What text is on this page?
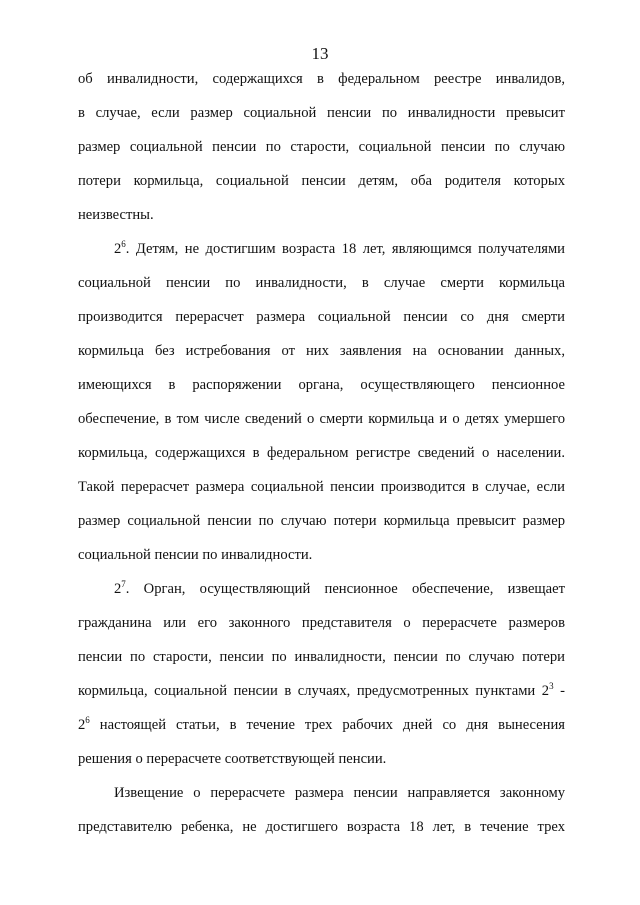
13
об инвалидности, содержащихся в федеральном реестре инвалидов,
в случае, если размер социальной пенсии по инвалидности превысит
размер социальной пенсии по старости, социальной пенсии по случаю
потери кормильца, социальной пенсии детям, оба родителя которых
неизвестны.
$2^6$. Детям, не достигшим возраста 18 лет, являющимся получателями
социальной пенсии по инвалидности, в случае смерти кормильца
производится перерасчет размера социальной пенсии со дня смерти
кормильца без истребования от них заявления на основании данных,
имеющихся в распоряжении органа, осуществляющего пенсионное
обеспечение, в том числе сведений о смерти кормильца и о детях умершего
кормильца, содержащихся в федеральном регистре сведений о населении.
Такой перерасчет размера социальной пенсии производится в случае, если
размер социальной пенсии по случаю потери кормильца превысит размер
социальной пенсии по инвалидности.
$2^7$. Орган, осуществляющий пенсионное обеспечение, извещает
гражданина или его законного представителя о перерасчете размеров
пенсии по старости, пенсии по инвалидности, пенсии по случаю потери
кормильца, социальной пенсии в случаях, предусмотренных пунктами $2^3$ -
$2^6$ настоящей статьи, в течение трех рабочих дней со дня вынесения
решения о перерасчете соответствующей пенсии.
Извещение о перерасчете размера пенсии направляется законному
представителю ребенка, не достигшего возраста 18 лет, в течение трех
